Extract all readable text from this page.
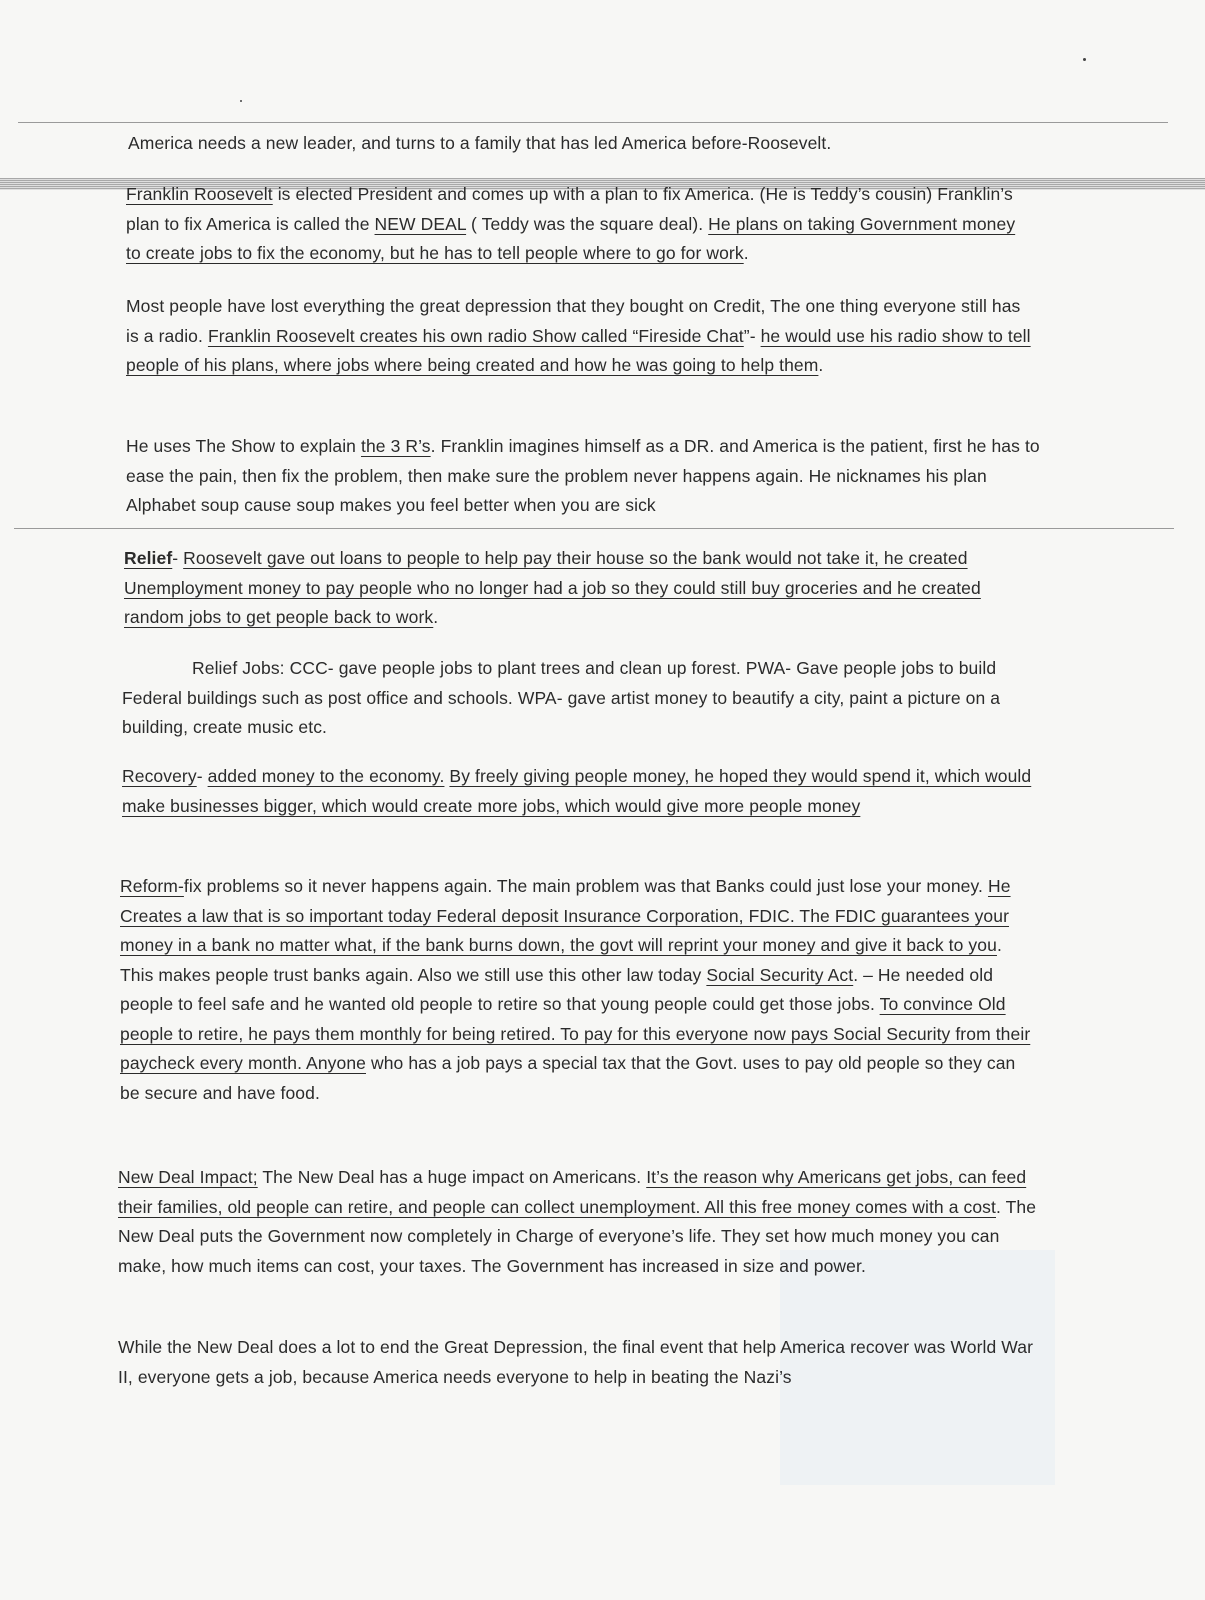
America needs a new leader, and turns to a family that has led America before-Roosevelt.

Franklin Roosevelt is elected President and comes up with a plan to fix America. (He is Teddy’s cousin) Franklin’s plan to fix America is called the NEW DEAL ( Teddy was the square deal). He plans on taking Government money to create jobs to fix the economy, but he has to tell people where to go for work.

Most people have lost everything the great depression that they bought on Credit, The one thing everyone still has is a radio. Franklin Roosevelt creates his own radio Show called “Fireside Chat”- he would use his radio show to tell people of his plans, where jobs where being created and how he was going to help them.

He uses The Show to explain the 3 R’s. Franklin imagines himself as a DR. and America is the patient, first he has to ease the pain, then fix the problem, then make sure the problem never happens again. He nicknames his plan Alphabet soup cause soup makes you feel better when you are sick

Relief- Roosevelt gave out loans to people to help pay their house so the bank would not take it, he created Unemployment money to pay people who no longer had a job so they could still buy groceries and he created random jobs to get people back to work.

Relief Jobs: CCC- gave people jobs to plant trees and clean up forest. PWA- Gave people jobs to build Federal buildings such as post office and schools. WPA- gave artist money to beautify a city, paint a picture on a building, create music etc.

Recovery- added money to the economy. By freely giving people money, he hoped they would spend it, which would make businesses bigger, which would create more jobs, which would give more people money

Reform-fix problems so it never happens again. The main problem was that Banks could just lose your money. He Creates a law that is so important today Federal deposit Insurance Corporation, FDIC. The FDIC guarantees your money in a bank no matter what, if the bank burns down, the govt will reprint your money and give it back to you. This makes people trust banks again. Also we still use this other law today Social Security Act. – He needed old people to feel safe and he wanted old people to retire so that young people could get those jobs. To convince Old people to retire, he pays them monthly for being retired. To pay for this everyone now pays Social Security from their paycheck every month. Anyone who has a job pays a special tax that the Govt. uses to pay old people so they can be secure and have food.

New Deal Impact; The New Deal has a huge impact on Americans. It’s the reason why Americans get jobs, can feed their families, old people can retire, and people can collect unemployment. All this free money comes with a cost. The New Deal puts the Government now completely in Charge of everyone’s life. They set how much money you can make, how much items can cost, your taxes. The Government has increased in size and power.

While the New Deal does a lot to end the Great Depression, the final event that help America recover was World War II, everyone gets a job, because America needs everyone to help in beating the Nazi’s
